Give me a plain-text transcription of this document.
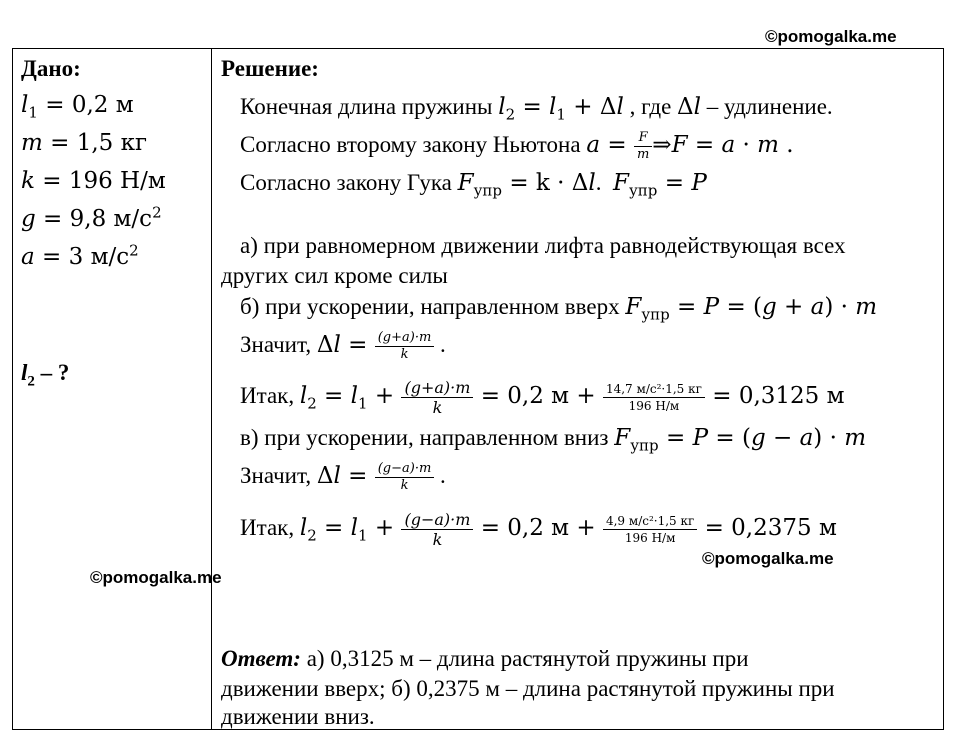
©pomogalka.me
©pomogalka.me
©pomogalka.me
Дано:
$l_1 = 0,2$ м
m = 1,5 кг
k = 196 Н/м
g = 9,8 $м/с^2$
a = 3 $м/с^2$
$l_2$ – ?
Решение:
Конечная длина пружины $l_2 = l_1 + \Delta l$ , где Δl – удлинение.
Согласно второму закону Ньютона $a = \frac{F}{m}$ ⇒F = a · m .
Согласно закону Гука $F_{упр} = k \cdot \Delta l$.  $F_{упр} = P$
а) при равномерном движении лифта равнодействующая всех
других сил кроме силы
б) при ускорении, направленном вверх $F_{упр} = P = (g + a) \cdot m$
Значит, $\Delta l = \frac{(g+a)\cdot m}{k}$ .
Итак, $l_2 = l_1 + \frac{(g+a)\cdot m}{k} = 0,2$ $м + \frac{\text{14,7 м/с²·1,5 кг}}{196 Н/м} = 0,3125$ м
в) при ускорении, направленном вниз $F_{упр} = P = (g - a) \cdot m$
Значит, $\Delta l = \frac{(g-a)\cdot m}{k}$ .
Итак, $l_2 = l_1 + \frac{(g-a)\cdot m}{k} = 0,2$ $м + \frac{\text{4,9 м/с²·1,5 кг}}{196 Н/м} = 0,2375$ м
Ответ: а) 0,3125 м – длина растянутой пружины при
движении вверх; б) 0,2375 м – длина растянутой пружины при
движении вниз.
